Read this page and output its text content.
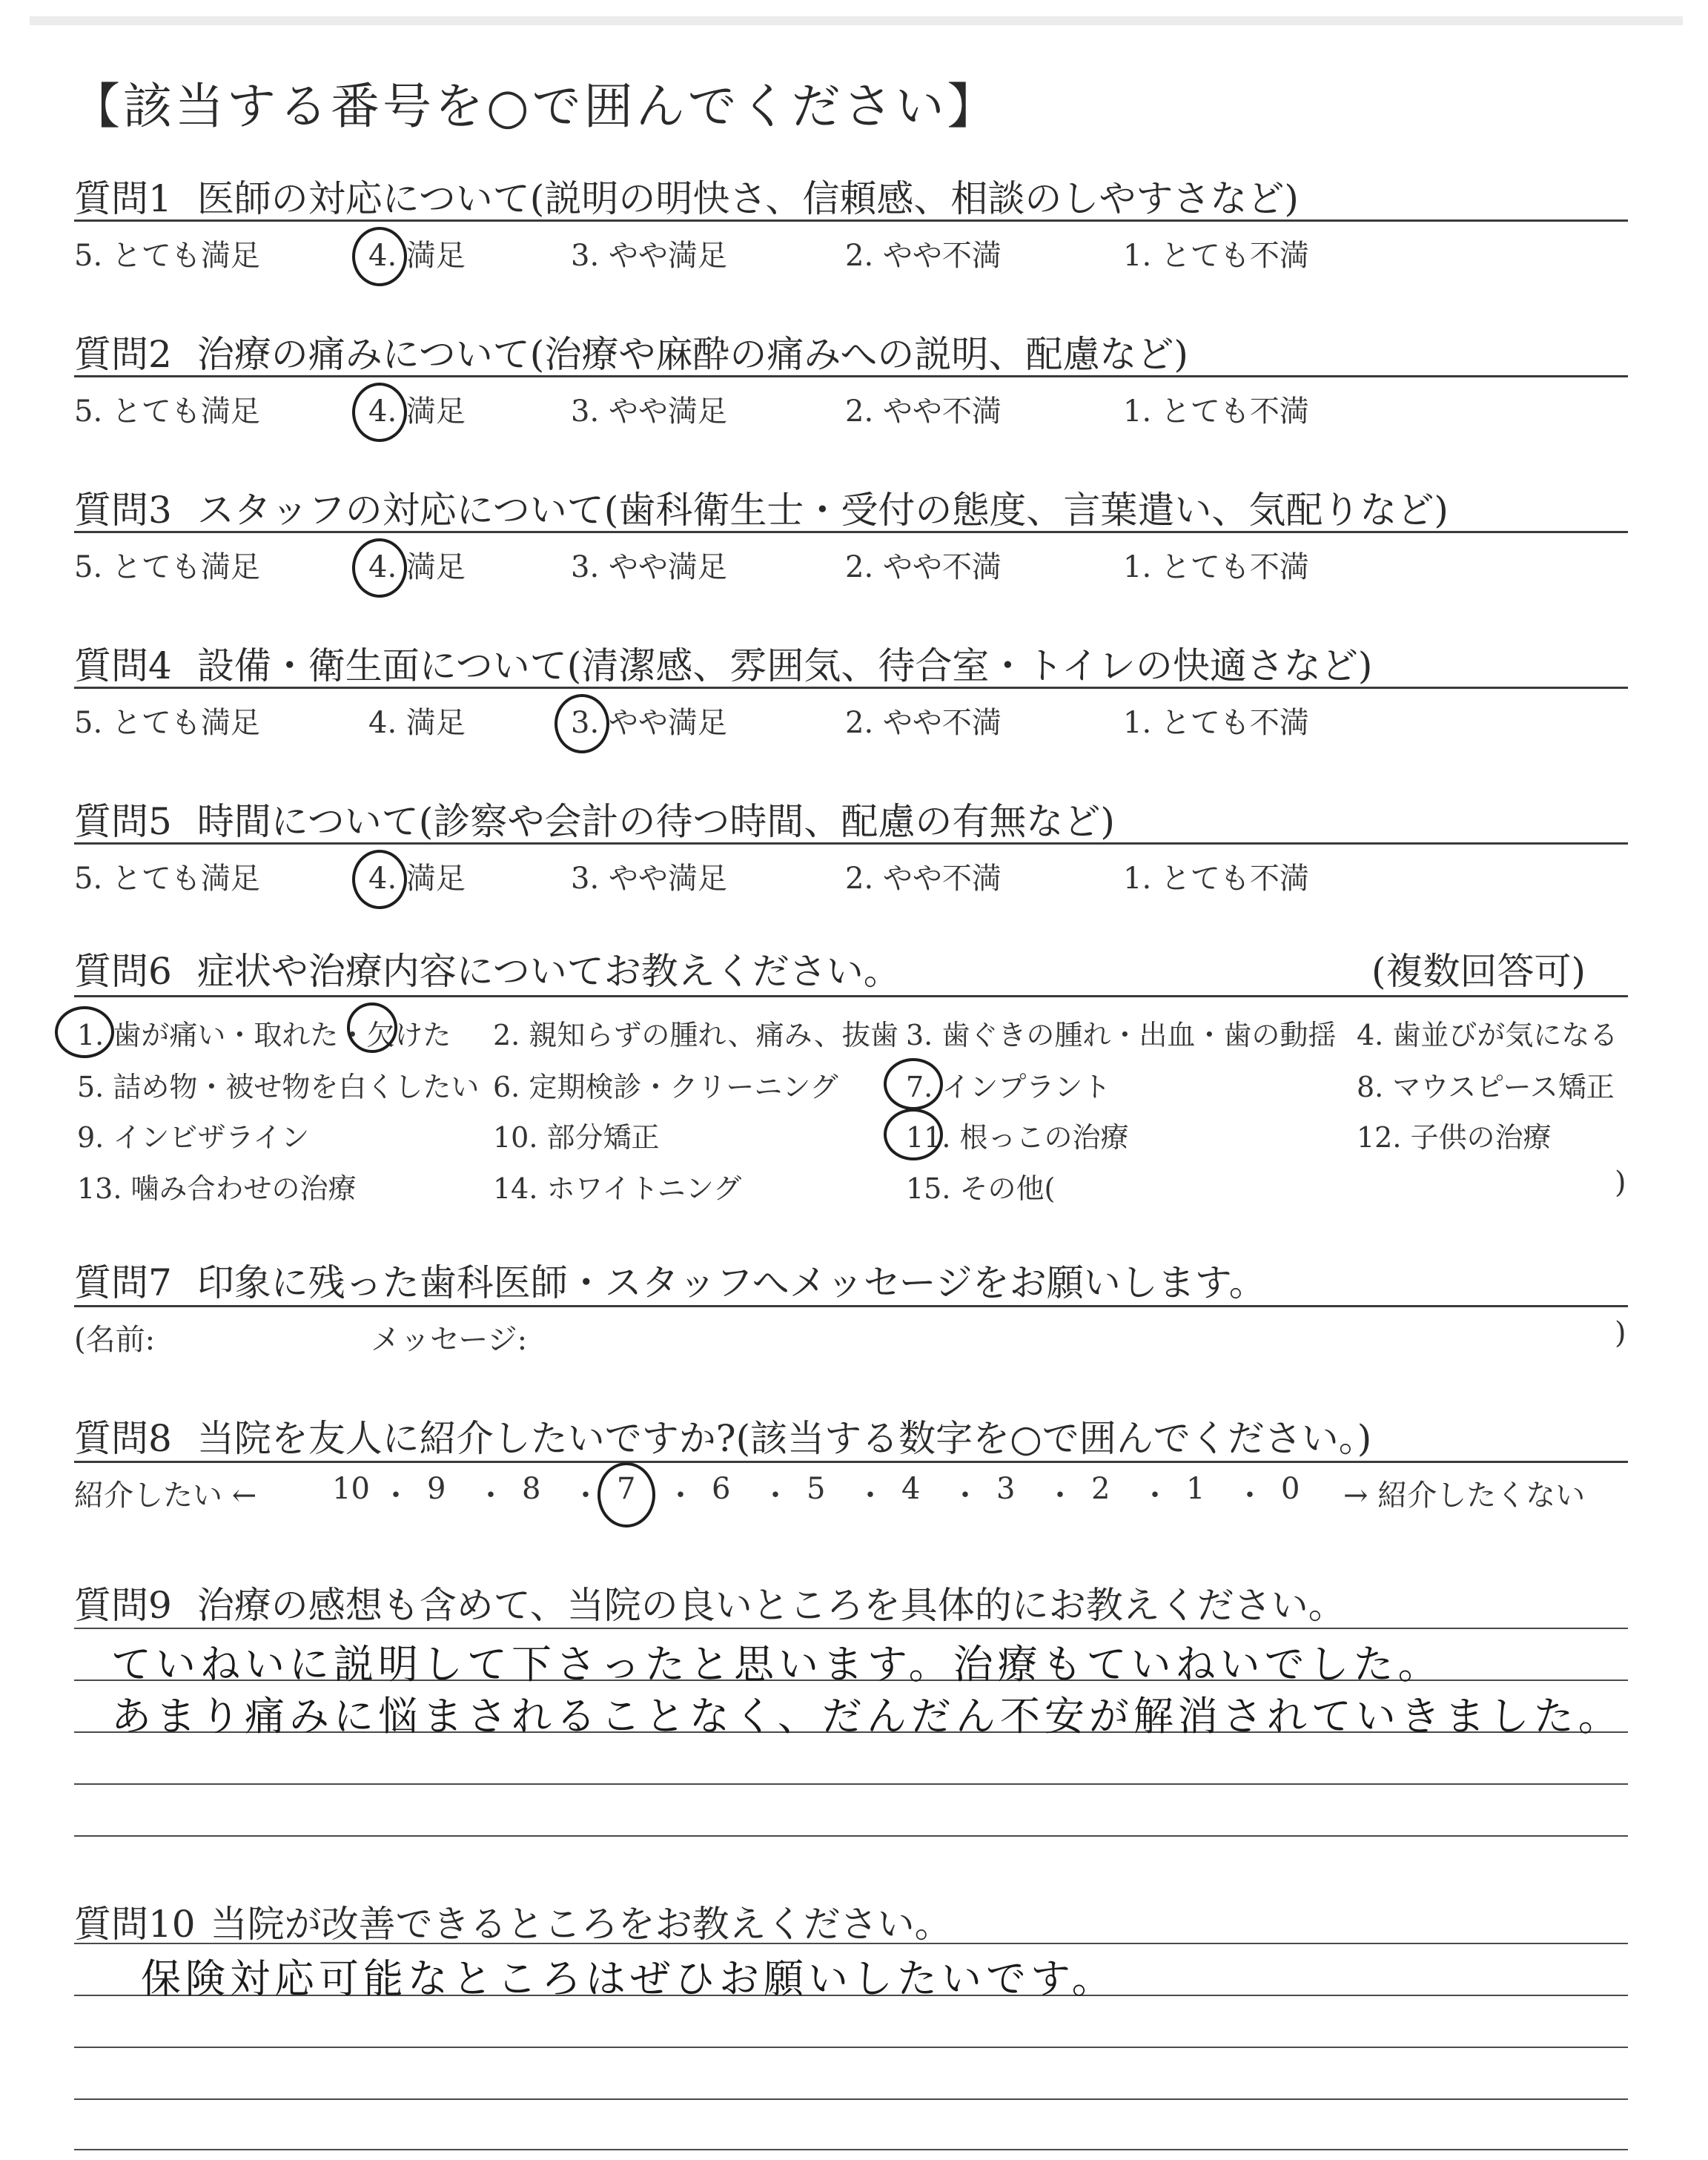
【該当する番号を○で囲んでください】
質問1 医師の対応について(説明の明快さ、信頼感、相談のしやすさなど)
5. とても満足	4. 満足	3. やや満足	2. やや不満	1. とても不満
質問2 治療の痛みについて(治療や麻酔の痛みへの説明、配慮など)
5. とても満足	4. 満足	3. やや満足	2. やや不満	1. とても不満
質問3 スタッフの対応について(歯科衛生士・受付の態度、言葉遣い、気配りなど)
5. とても満足	4. 満足	3. やや満足	2. やや不満	1. とても不満
質問4 設備・衛生面について(清潔感、雰囲気、待合室・トイレの快適さなど)
5. とても満足	4. 満足	3. やや満足	2. やや不満	1. とても不満
質問5 時間について(診察や会計の待つ時間、配慮の有無など)
5. とても満足	4. 満足	3. やや満足	2. やや不満	1. とても不満
質問6 症状や治療内容についてお教えください。	(複数回答可)
1. 歯が痛い・取れた・欠けた 2. 親知らずの腫れ、痛み、抜歯 3. 歯ぐきの腫れ・出血・歯の動揺 4. 歯並びが気になる
5. 詰め物・被せ物を白くしたい 6. 定期検診・クリーニング 7. インプラント	8. マウスピース矯正
9. インビザライン	10. 部分矯正	11. 根っこの治療	12. 子供の治療
13. 噛み合わせの治療	14. ホワイトニング	15. その他(	)
質問7 印象に残った歯科医師・スタッフへメッセージをお願いします。
(名前:	メッセージ:	)
質問8 当院を友人に紹介したいですか?(該当する数字を○で囲んでください。)
紹介したい ←	10 ・ 9 ・ 8 ・ 7 ・ 6 ・ 5 ・ 4 ・ 3 ・ 2 ・ 1 ・ 0 → 紹介したくない
質問9 治療の感想も含めて、当院の良いところを具体的にお教えください。
ていねいに説明して下さったと思います。治療もていねいでした。
あまり痛みに悩まされることなく、だんだん不安が解消されていきました。
質問10 当院が改善できるところをお教えください。
保険対応可能なところはぜひお願いしたいです。
